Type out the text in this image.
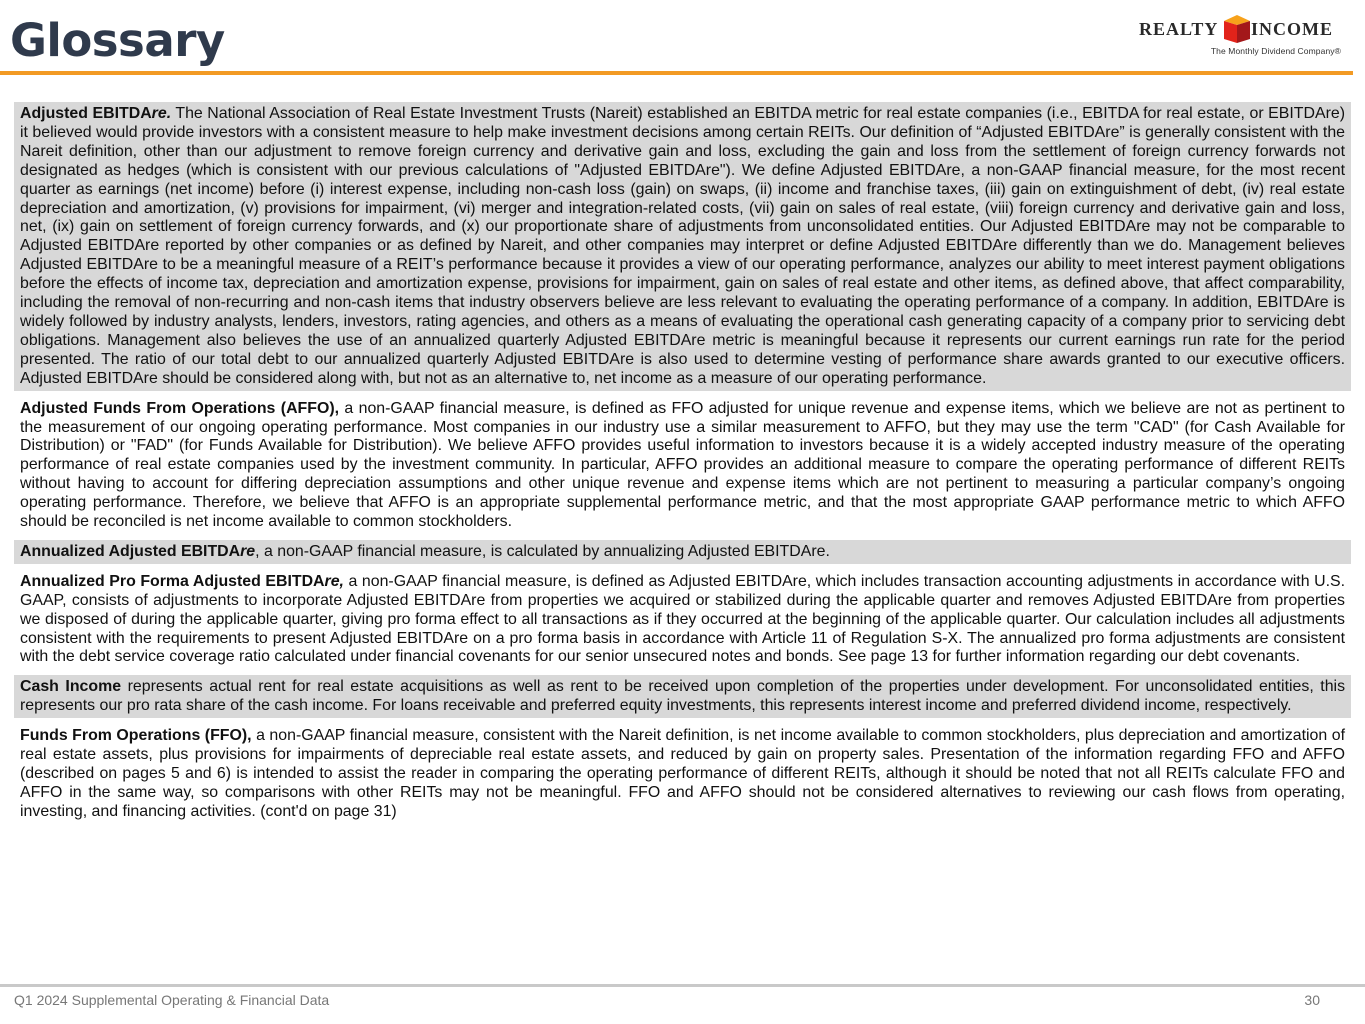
Glossary	REALTY INCOME
The Monthly Dividend Company®
Adjusted EBITDAre. The National Association of Real Estate Investment Trusts (Nareit) established an EBITDA metric for real estate companies (i.e., EBITDA for real estate, or EBITDAre) it believed would provide investors with a consistent measure to help make investment decisions among certain REITs. Our definition of “Adjusted EBITDAre” is generally consistent with the Nareit definition, other than our adjustment to remove foreign currency and derivative gain and loss, excluding the gain and loss from the settlement of foreign currency forwards not designated as hedges (which is consistent with our previous calculations of "Adjusted EBITDAre"). We define Adjusted EBITDAre, a non-GAAP financial measure, for the most recent quarter as earnings (net income) before (i) interest expense, including non-cash loss (gain) on swaps, (ii) income and franchise taxes, (iii) gain on extinguishment of debt, (iv) real estate depreciation and amortization, (v) provisions for impairment, (vi) merger and integration-related costs, (vii) gain on sales of real estate, (viii) foreign currency and derivative gain and loss, net, (ix) gain on settlement of foreign currency forwards, and (x) our proportionate share of adjustments from unconsolidated entities. Our Adjusted EBITDAre may not be comparable to Adjusted EBITDAre reported by other companies or as defined by Nareit, and other companies may interpret or define Adjusted EBITDAre differently than we do. Management believes Adjusted EBITDAre to be a meaningful measure of a REIT’s performance because it provides a view of our operating performance, analyzes our ability to meet interest payment obligations before the effects of income tax, depreciation and amortization expense, provisions for impairment, gain on sales of real estate and other items, as defined above, that affect comparability, including the removal of non-recurring and non-cash items that industry observers believe are less relevant to evaluating the operating performance of a company. In addition, EBITDAre is widely followed by industry analysts, lenders, investors, rating agencies, and others as a means of evaluating the operational cash generating capacity of a company prior to servicing debt obligations. Management also believes the use of an annualized quarterly Adjusted EBITDAre metric is meaningful because it represents our current earnings run rate for the period presented. The ratio of our total debt to our annualized quarterly Adjusted EBITDAre is also used to determine vesting of performance share awards granted to our executive officers. Adjusted EBITDAre should be considered along with, but not as an alternative to, net income as a measure of our operating performance.
Adjusted Funds From Operations (AFFO), a non-GAAP financial measure, is defined as FFO adjusted for unique revenue and expense items, which we believe are not as pertinent to the measurement of our ongoing operating performance. Most companies in our industry use a similar measurement to AFFO, but they may use the term "CAD" (for Cash Available for Distribution) or "FAD" (for Funds Available for Distribution). We believe AFFO provides useful information to investors because it is a widely accepted industry measure of the operating performance of real estate companies used by the investment community. In particular, AFFO provides an additional measure to compare the operating performance of different REITs without having to account for differing depreciation assumptions and other unique revenue and expense items which are not pertinent to measuring a particular company’s ongoing operating performance. Therefore, we believe that AFFO is an appropriate supplemental performance metric, and that the most appropriate GAAP performance metric to which AFFO should be reconciled is net income available to common stockholders.
Annualized Adjusted EBITDAre, a non-GAAP financial measure, is calculated by annualizing Adjusted EBITDAre.
Annualized Pro Forma Adjusted EBITDAre, a non-GAAP financial measure, is defined as Adjusted EBITDAre, which includes transaction accounting adjustments in accordance with U.S. GAAP, consists of adjustments to incorporate Adjusted EBITDAre from properties we acquired or stabilized during the applicable quarter and removes Adjusted EBITDAre from properties we disposed of during the applicable quarter, giving pro forma effect to all transactions as if they occurred at the beginning of the applicable quarter. Our calculation includes all adjustments consistent with the requirements to present Adjusted EBITDAre on a pro forma basis in accordance with Article 11 of Regulation S-X. The annualized pro forma adjustments are consistent with the debt service coverage ratio calculated under financial covenants for our senior unsecured notes and bonds. See page 13 for further information regarding our debt covenants.
Cash Income represents actual rent for real estate acquisitions as well as rent to be received upon completion of the properties under development. For unconsolidated entities, this represents our pro rata share of the cash income. For loans receivable and preferred equity investments, this represents interest income and preferred dividend income, respectively.
Funds From Operations (FFO), a non-GAAP financial measure, consistent with the Nareit definition, is net income available to common stockholders, plus depreciation and amortization of real estate assets, plus provisions for impairments of depreciable real estate assets, and reduced by gain on property sales. Presentation of the information regarding FFO and AFFO (described on pages 5 and 6) is intended to assist the reader in comparing the operating performance of different REITs, although it should be noted that not all REITs calculate FFO and AFFO in the same way, so comparisons with other REITs may not be meaningful. FFO and AFFO should not be considered alternatives to reviewing our cash flows from operating, investing, and financing activities. (cont'd on page 31)
Q1 2024 Supplemental Operating & Financial Data	30
